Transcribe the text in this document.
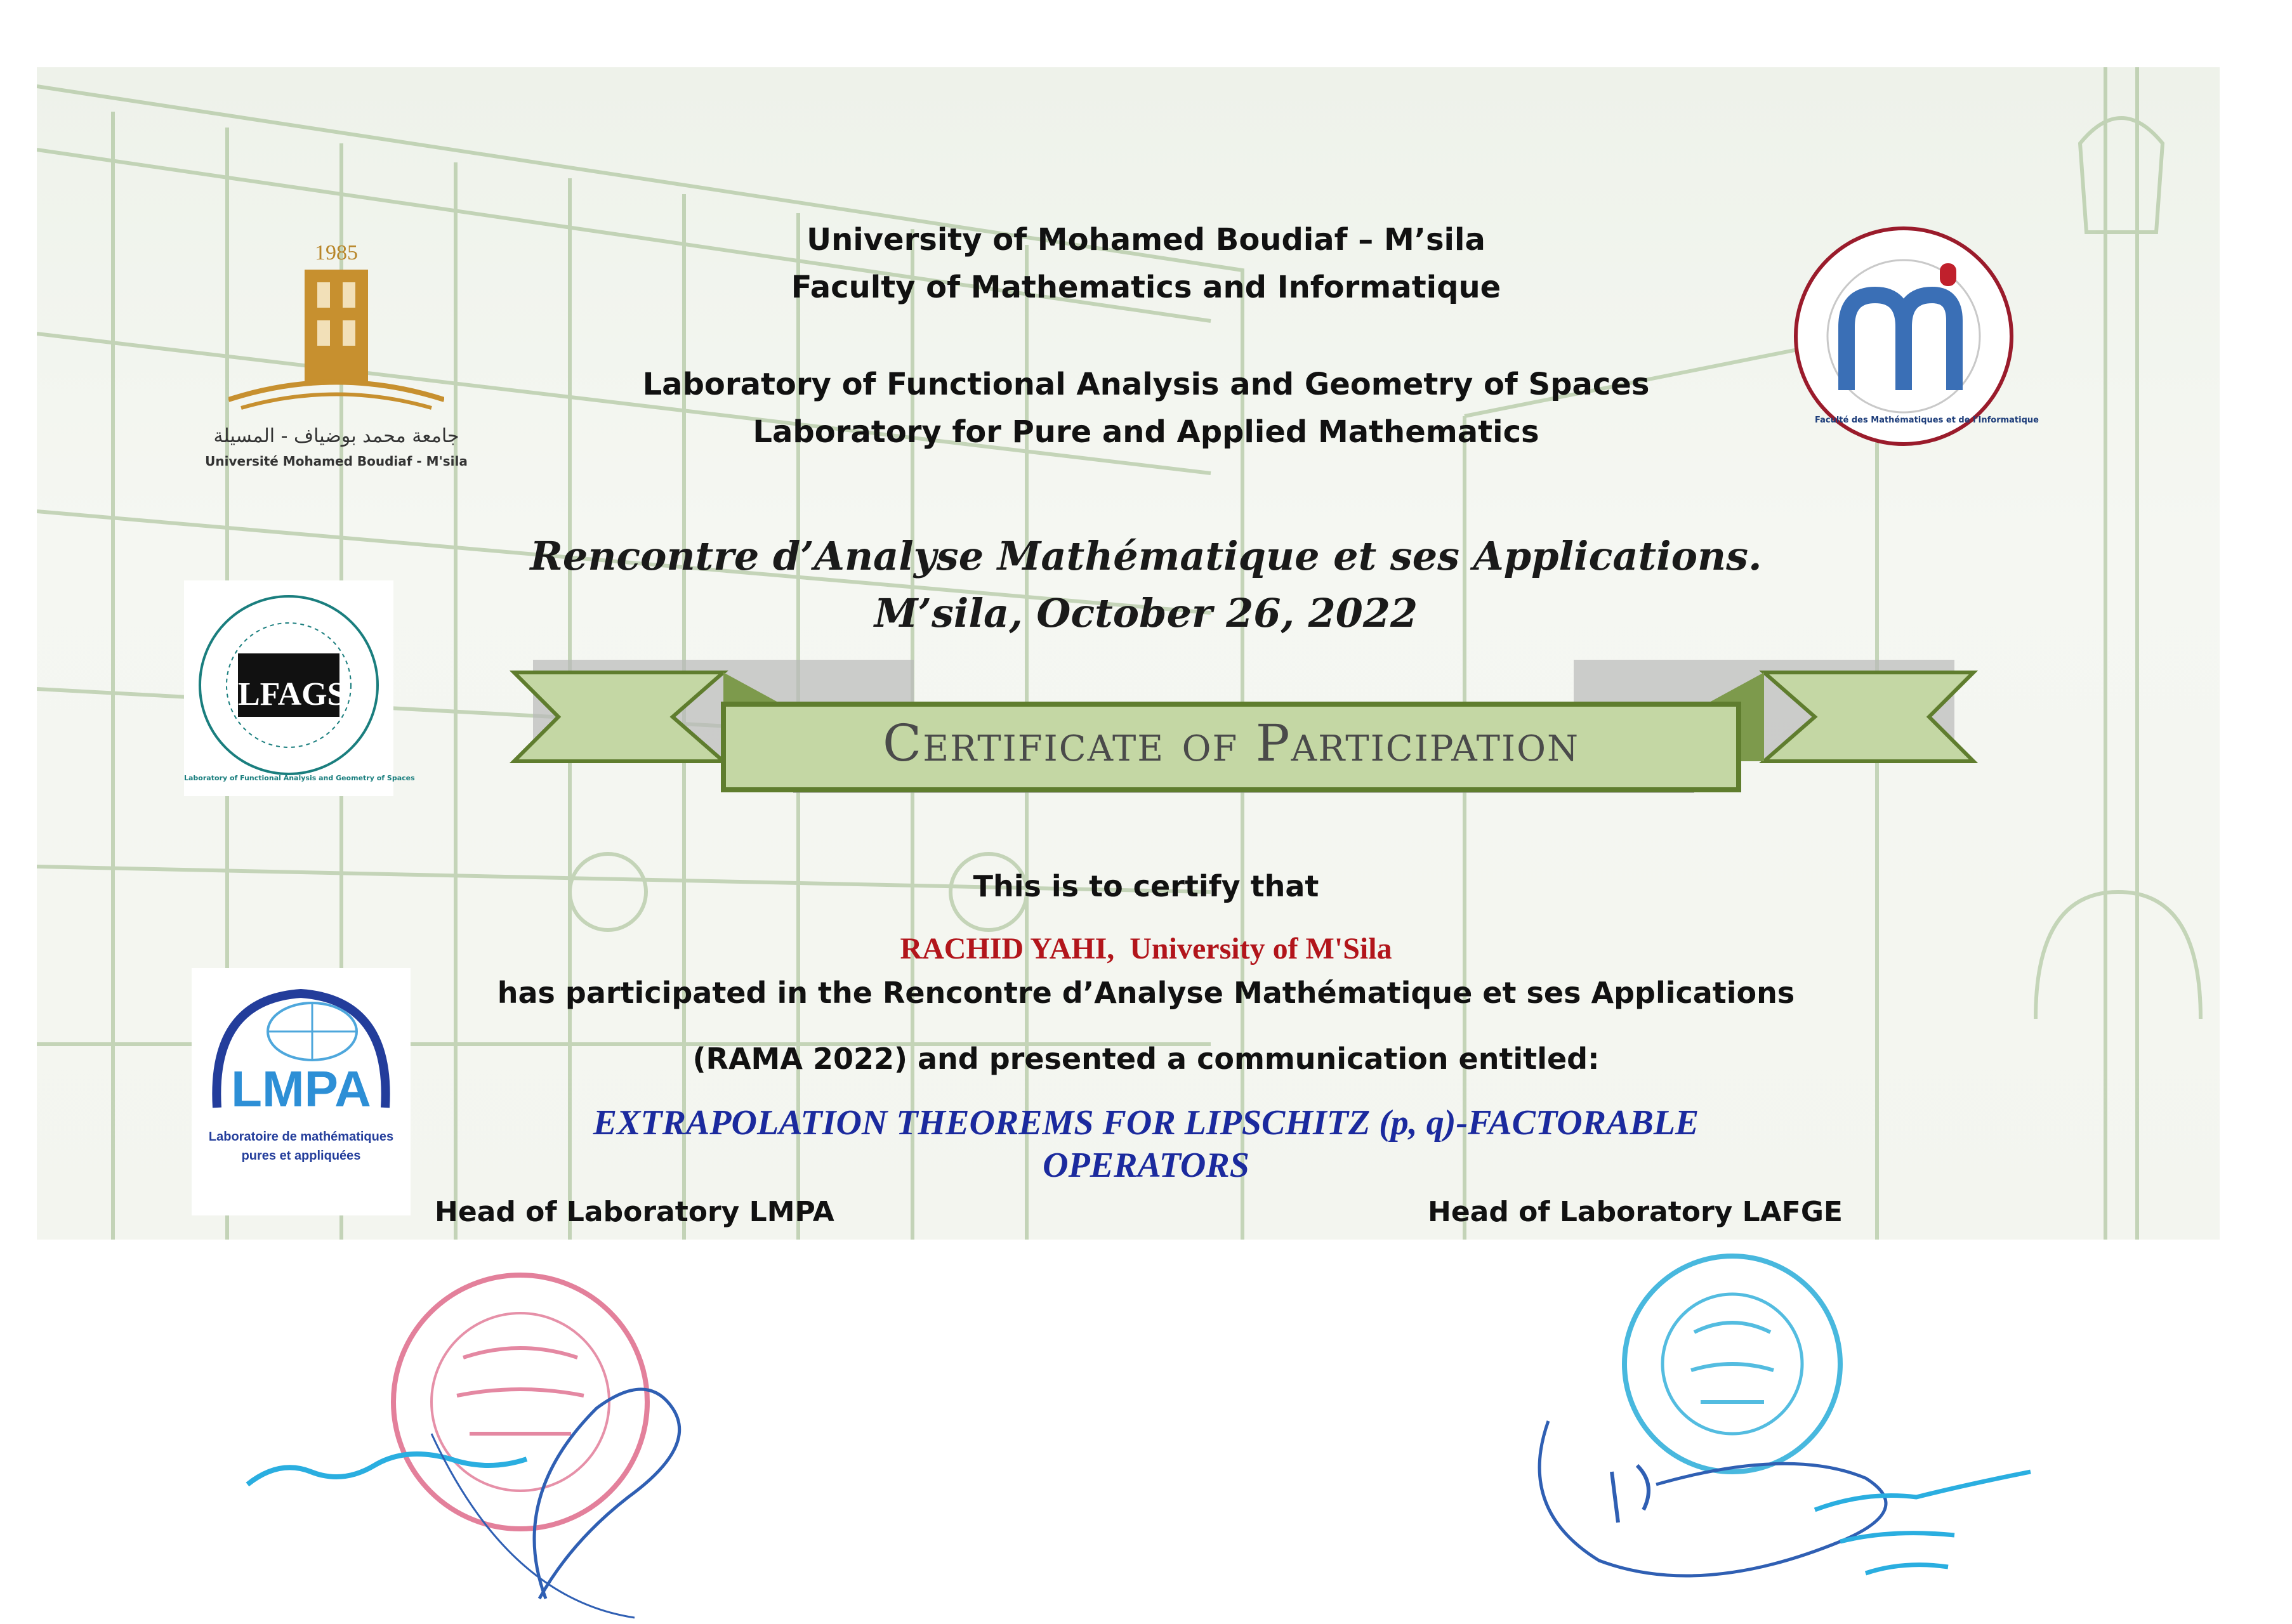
University of Mohamed Boudiaf – M’sila
Faculty of Mathematics and Informatique
Laboratory of Functional Analysis and Geometry of Spaces
Laboratory for Pure and Applied Mathematics
Rencontre d’Analyse Mathématique et ses Applications.
M’sila, October 26, 2022
Certificate of Participation
This is to certify that
RACHID YAHI, University of M'Sila
has participated in the Rencontre d’Analyse Mathématique et ses Applications
(RAMA 2022) and presented a communication entitled:
EXTRAPOLATION THEOREMS FOR LIPSCHITZ (p, q)-FACTORABLE
OPERATORS
Head of Laboratory LMPA	Head of Laboratory LAFGE
1985
جامعة محمد بوضياف - المسيلة
Université Mohamed Boudiaf - M'sila
Faculté des Mathématiques et de l'Informatique
LFAGS
Laboratory of Functional Analysis and Geometry of Spaces
LMPA
Laboratoire de mathématiques
pures et appliquées
